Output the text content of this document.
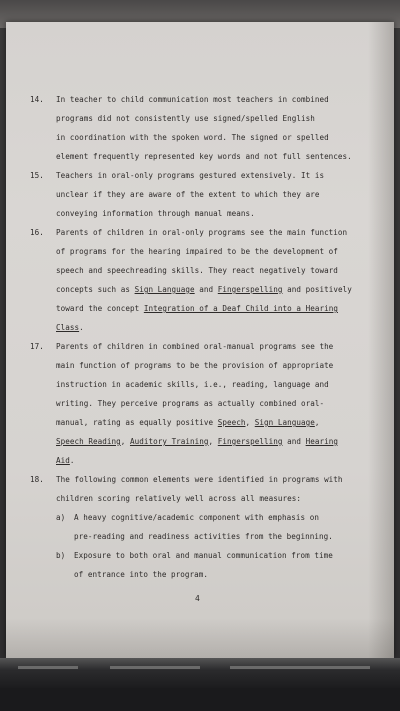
14. In teacher to child communication most teachers in combined
programs did not consistently use signed/spelled English
in coordination with the spoken word. The signed or spelled
element frequently represented key words and not full sentences.
15. Teachers in oral-only programs gestured extensively. It is
unclear if they are aware of the extent to which they are
conveying information through manual means.
16. Parents of children in oral-only programs see the main function
of programs for the hearing impaired to be the development of
speech and speechreading skills. They react negatively toward
concepts such as Sign Language and Fingerspelling and positively
toward the concept Integration of a Deaf Child into a Hearing
Class.
17. Parents of children in combined oral-manual programs see the
main function of programs to be the provision of appropriate
instruction in academic skills, i.e., reading, language and
writing. They perceive programs as actually combined oral-
manual, rating as equally positive Speech, Sign Language,
Speech Reading, Auditory Training, Fingerspelling and Hearing
Aid.
18. The following common elements were identified in programs with
children scoring relatively well across all measures:
a) A heavy cognitive/academic component with emphasis on
pre-reading and readiness activities from the beginning.
b) Exposure to both oral and manual communication from time
of entrance into the program.
4
